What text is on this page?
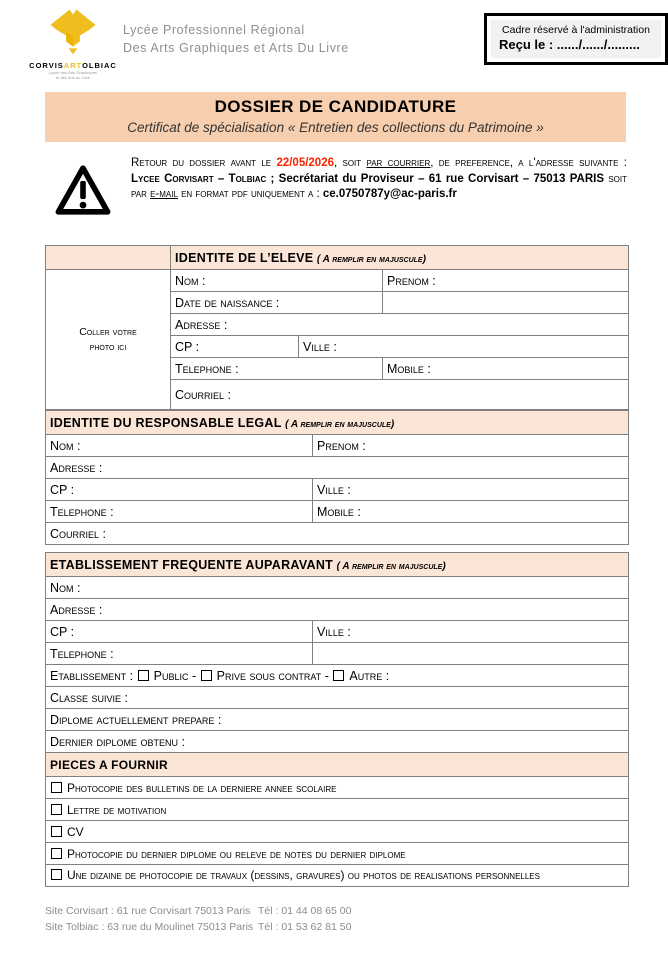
CORVISARTOLBIAC
Lycée des Arts Graphiques
et des Arts du Livre
Lycée Professionnel Régional
Des Arts Graphiques et Arts Du Livre
Cadre réservé à l'administration
Reçu le : ....../....../.........
DOSSIER DE CANDIDATURE
Certificat de spécialisation « Entretien des collections du Patrimoine »
Retour du dossier avant le 22/05/2026, soit par courrier, de preference, a l'adresse suivante : Lycee Corvisart – Tolbiac ; Secrétariat du Proviseur – 61 rue Corvisart – 75013 PARIS soit par e-mail en format pdf uniquement a : ce.0750787y@ac-paris.fr
	IDENTITE DE L’ELEVE ( A remplir en majuscule)		

Coller votre
photo ici	Nom :		Prenom :
	Date de naissance :		
	Adresse :		
	CP :	Ville :	
	Telephone :		Mobile :
	Courriel :		
IDENTITE DU RESPONSABLE LEGAL ( A remplir en majuscule)	
Nom :	Prenom :
Adresse :	
CP :	Ville :
Telephone :	Mobile :
Courriel :	
ETABLISSEMENT FREQUENTE AUPARAVANT ( A remplir en majuscule)	
Nom :	
Adresse :	
CP :	Ville :
Telephone :	
Etablissement : Public - Prive sous contrat - Autre :	
Classe suivie :	
Diplome actuellement prepare :	
Dernier diplome obtenu :	
PIECES A FOURNIR
Photocopie des bulletins de la derniere annee scolaire
Lettre de motivation
CV
Photocopie du dernier diplome ou releve de notes du dernier diplome
Une dizaine de photocopie de travaux (dessins, gravures) ou photos de realisations personnelles
Site Corvisart : 61 rue Corvisart 75013 Paris Tél : 01 44 08 65 00
Site Tolbiac : 63 rue du Moulinet 75013 Paris Tél : 01 53 62 81 50
